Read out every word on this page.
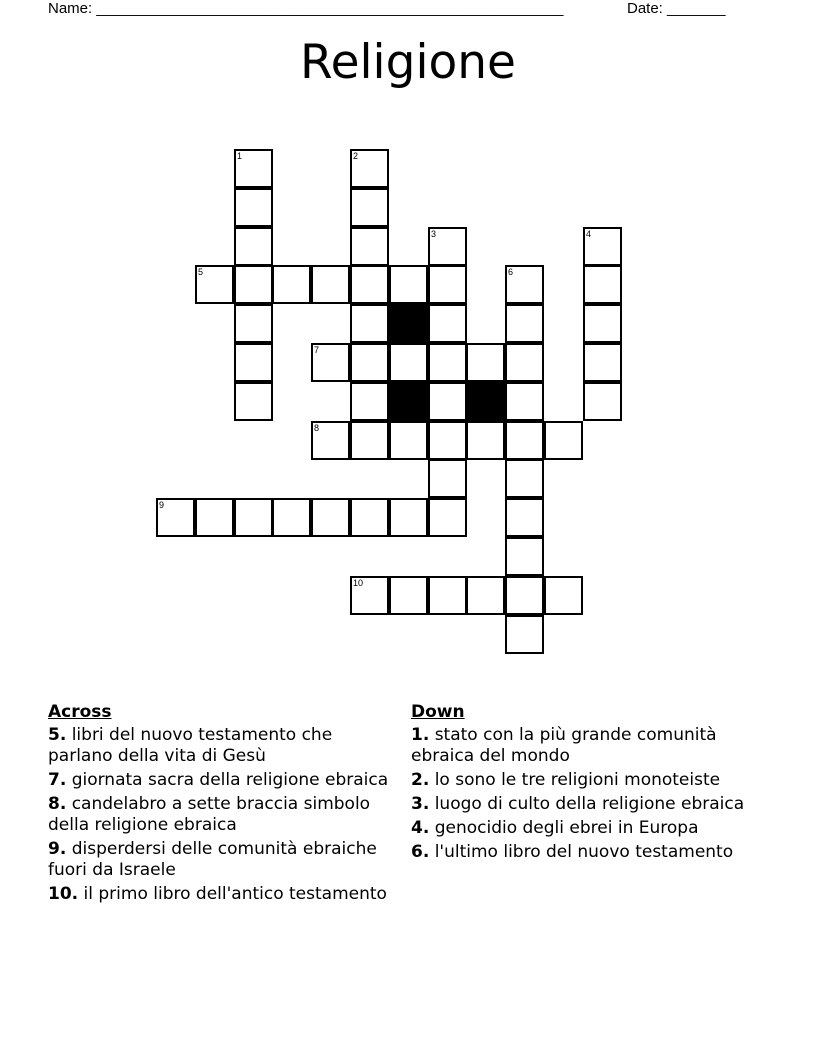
Name: ________________________________________________________	Date: _______
Religione
1	2
3	4
5	6
7
8
9
10
Across
5. libri del nuovo testamento che parlano della vita di Gesù
7. giornata sacra della religione ebraica
8. candelabro a sette braccia simbolo della religione ebraica
9. disperdersi delle comunità ebraiche fuori da Israele
10. il primo libro dell'antico testamento
Down
1. stato con la più grande comunità ebraica del mondo
2. lo sono le tre religioni monoteiste
3. luogo di culto della religione ebraica
4. genocidio degli ebrei in Europa
6. l'ultimo libro del nuovo testamento
